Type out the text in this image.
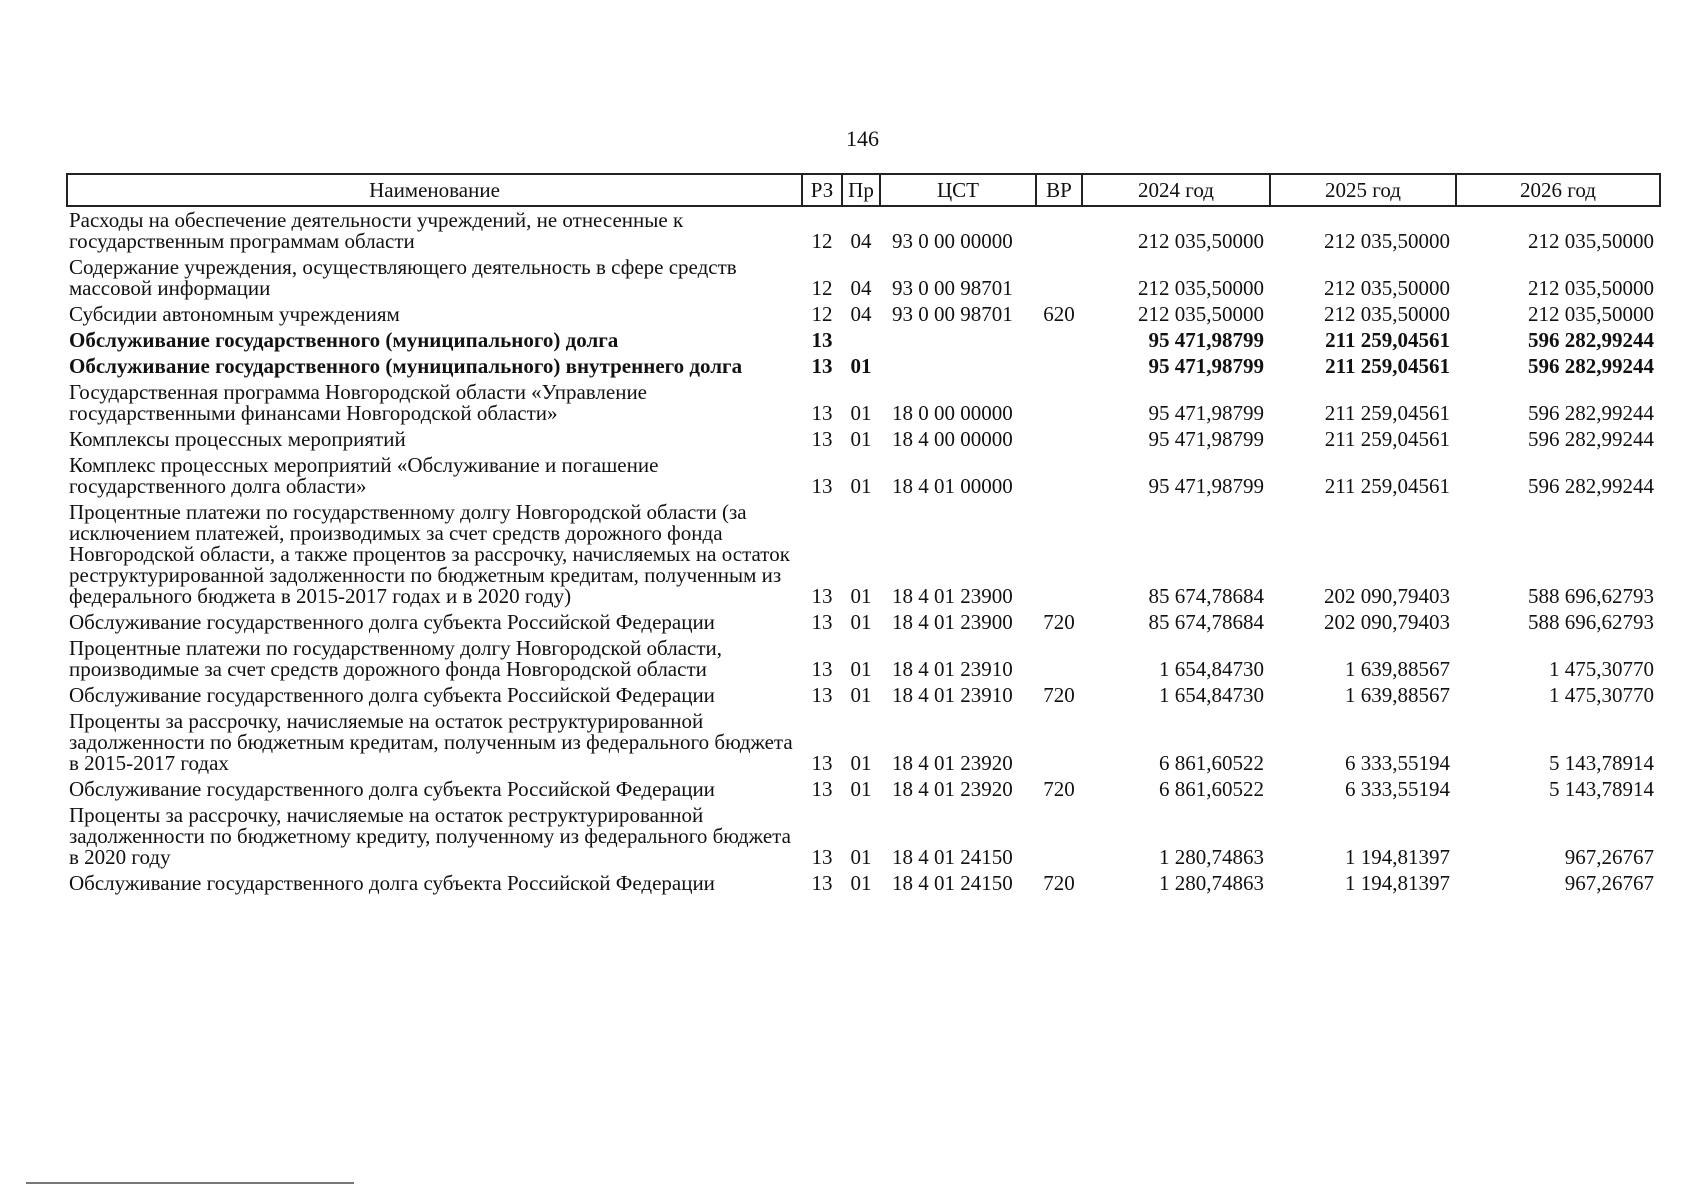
146
Наименование	РЗ	Пр	ЦСТ	ВР	2024 год	2025 год	2026 год
Расходы на обеспечение деятельности учреждений, не отнесенные к государственным программам области	12	04	93 0 00 00000		212 035,50000	212 035,50000	212 035,50000
Содержание учреждения, осуществляющего деятельность в сфере средств массовой информации	12	04	93 0 00 98701		212 035,50000	212 035,50000	212 035,50000
Субсидии автономным учреждениям	12	04	93 0 00 98701	620	212 035,50000	212 035,50000	212 035,50000
Обслуживание государственного (муниципального) долга	13				95 471,98799	211 259,04561	596 282,99244
Обслуживание государственного (муниципального) внутреннего долга	13	01			95 471,98799	211 259,04561	596 282,99244
Государственная программа Новгородской области «Управление государственными финансами Новгородской области»	13	01	18 0 00 00000		95 471,98799	211 259,04561	596 282,99244
Комплексы процессных мероприятий	13	01	18 4 00 00000		95 471,98799	211 259,04561	596 282,99244
Комплекс процессных мероприятий «Обслуживание и погашение государственного долга области»	13	01	18 4 01 00000		95 471,98799	211 259,04561	596 282,99244
Процентные платежи по государственному долгу Новгородской области (за исключением платежей, производимых за счет средств дорожного фонда Новгородской области, а также процентов за рассрочку, начисляемых на остаток реструктурированной задолженности по бюджетным кредитам, полученным из федерального бюджета в 2015-2017 годах и в 2020 году)	13	01	18 4 01 23900		85 674,78684	202 090,79403	588 696,62793
Обслуживание государственного долга субъекта Российской Федерации	13	01	18 4 01 23900	720	85 674,78684	202 090,79403	588 696,62793
Процентные платежи по государственному долгу Новгородской области, производимые за счет средств дорожного фонда Новгородской области	13	01	18 4 01 23910		1 654,84730	1 639,88567	1 475,30770
Обслуживание государственного долга субъекта Российской Федерации	13	01	18 4 01 23910	720	1 654,84730	1 639,88567	1 475,30770
Проценты за рассрочку, начисляемые на остаток реструктурированной задолженности по бюджетным кредитам, полученным из федерального бюджета в 2015-2017 годах	13	01	18 4 01 23920		6 861,60522	6 333,55194	5 143,78914
Обслуживание государственного долга субъекта Российской Федерации	13	01	18 4 01 23920	720	6 861,60522	6 333,55194	5 143,78914
Проценты за рассрочку, начисляемые на остаток реструктурированной задолженности по бюджетному кредиту, полученному из федерального бюджета в 2020 году	13	01	18 4 01 24150		1 280,74863	1 194,81397	967,26767
Обслуживание государственного долга субъекта Российской Федерации	13	01	18 4 01 24150	720	1 280,74863	1 194,81397	967,26767
